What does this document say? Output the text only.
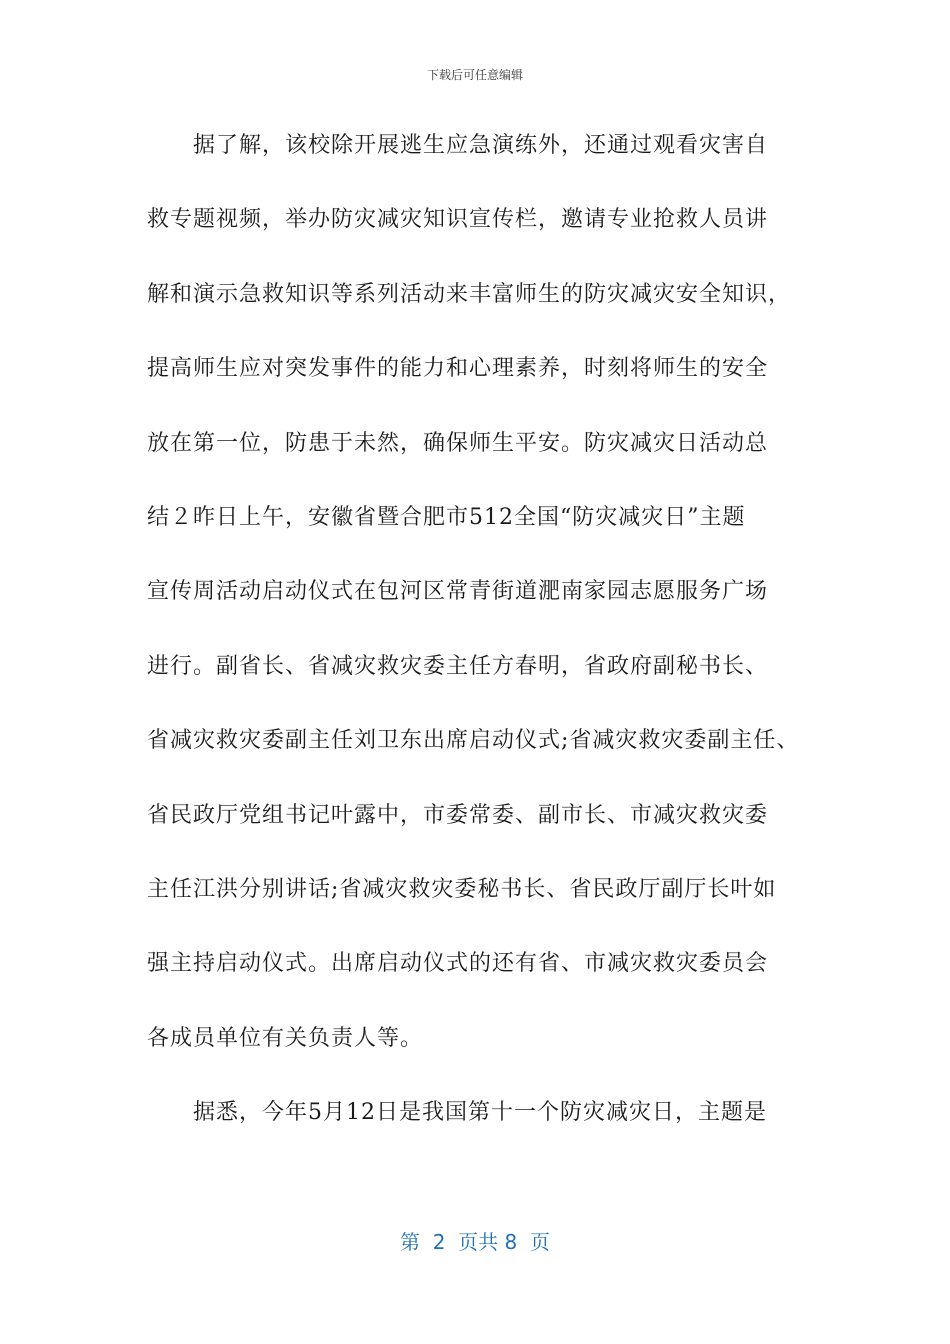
下载后可任意编辑
据了解，该校除开展逃生应急演练外，还通过观看灾害自
救专题视频，举办防灾减灾知识宣传栏，邀请专业抢救人员讲
解和演示急救知识等系列活动来丰富师生的防灾减灾安全知识，
提高师生应对突发事件的能力和心理素养，时刻将师生的安全
放在第一位，防患于未然，确保师生平安。防灾减灾日活动总
结２昨日上午，安徽省暨合肥市512全国“防灾减灾日”主题
宣传周活动启动仪式在包河区常青街道淝南家园志愿服务广场
进行。副省长、省减灾救灾委主任方春明，省政府副秘书长、
省减灾救灾委副主任刘卫东出席启动仪式;省减灾救灾委副主任、
省民政厅党组书记叶露中，市委常委、副市长、市减灾救灾委
主任江洪分别讲话;省减灾救灾委秘书长、省民政厅副厅长叶如
强主持启动仪式。出席启动仪式的还有省、市减灾救灾委员会
各成员单位有关负责人等。
据悉，今年5月12日是我国第十一个防灾减灾日，主题是
第  2  页共 8  页
